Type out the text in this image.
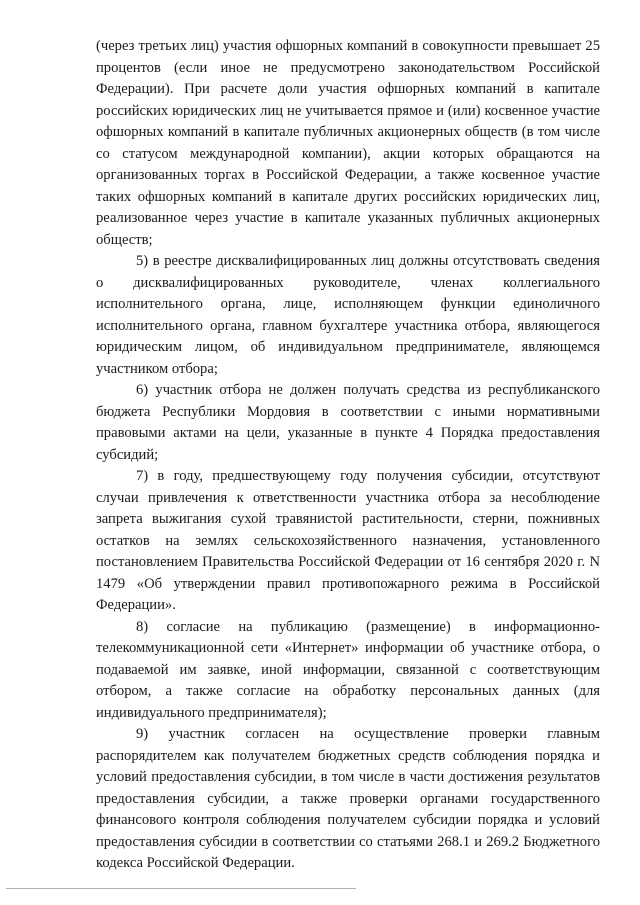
(через третьих лиц) участия офшорных компаний в совокупности превышает 25 процентов (если иное не предусмотрено законодательством Российской Федерации). При расчете доли участия офшорных компаний в капитале российских юридических лиц не учитывается прямое и (или) косвенное участие офшорных компаний в капитале публичных акционерных обществ (в том числе со статусом международной компании), акции которых обращаются на организованных торгах в Российской Федерации, а также косвенное участие таких офшорных компаний в капитале других российских юридических лиц, реализованное через участие в капитале указанных публичных акционерных обществ;

5) в реестре дисквалифицированных лиц должны отсутствовать сведения о дисквалифицированных руководителе, членах коллегиального исполнительного органа, лице, исполняющем функции единоличного исполнительного органа, главном бухгалтере участника отбора, являющегося юридическим лицом, об индивидуальном предпринимателе, являющемся участником отбора;

6) участник отбора не должен получать средства из республиканского бюджета Республики Мордовия в соответствии с иными нормативными правовыми актами на цели, указанные в пункте 4 Порядка предоставления субсидий;

7) в году, предшествующему году получения субсидии, отсутствуют случаи привлечения к ответственности участника отбора за несоблюдение запрета выжигания сухой травянистой растительности, стерни, пожнивных остатков на землях сельскохозяйственного назначения, установленного постановлением Правительства Российской Федерации от 16 сентября 2020 г. N 1479 «Об утверждении правил противопожарного режима в Российской Федерации».

8) согласие на публикацию (размещение) в информационно-телекоммуникационной сети «Интернет» информации об участнике отбора, о подаваемой им заявке, иной информации, связанной с соответствующим отбором, а также согласие на обработку персональных данных (для индивидуального предпринимателя);

9) участник согласен на осуществление проверки главным распорядителем как получателем бюджетных средств соблюдения порядка и условий предоставления субсидии, в том числе в части достижения результатов предоставления субсидии, а также проверки органами государственного финансового контроля соблюдения получателем субсидии порядка и условий предоставления субсидии в соответствии со статьями 268.1 и 269.2 Бюджетного кодекса Российской Федерации.
